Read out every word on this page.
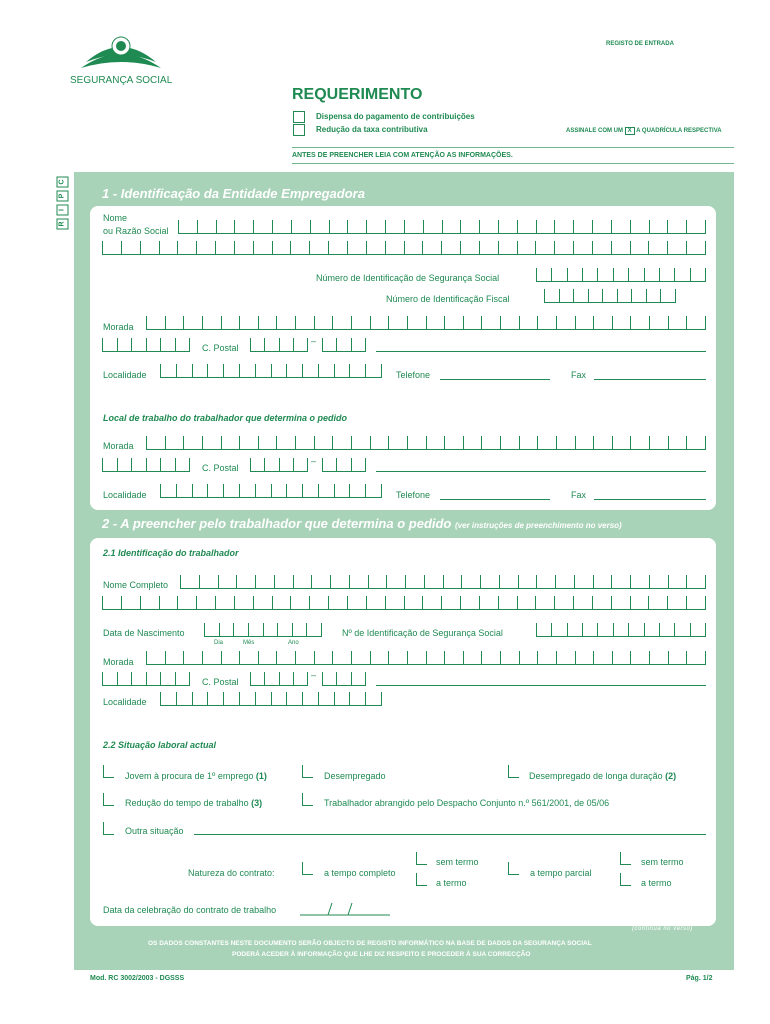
SEGURANÇA SOCIAL
REGISTO DE ENTRADA
REQUERIMENTO
Dispensa do pagamento de contribuições
Redução da taxa contributiva	ASSINALE COM UM X A QUADRÍCULA RESPECTIVA
ANTES DE PREENCHER LEIA COM ATENÇÃO AS INFORMAÇÕES.
C
P
I
R
1 - Identificação da Entidade Empregadora
Nome
ou Razão Social
Número de Identificação de Segurança Social
Número de Identificação Fiscal
Morada
C. Postal
–
Localidade	Telefone	Fax
Local de trabalho do trabalhador que determina o pedido
Morada
C. Postal
–
Localidade	Telefone	Fax
2 - A preencher pelo trabalhador que determina o pedido (ver instruções de preenchimento no verso)
2.1 Identificação do trabalhador
Nome Completo
Data de Nascimento
Dia	Mês	Ano
Nº de Identificação de Segurança Social
Morada
C. Postal
–
Localidade
2.2 Situação laboral actual
Jovem à procura de 1º emprego (1)	Desempregado	Desempregado de longa duração (2)
Redução do tempo de trabalho (3)	Trabalhador abrangido pelo Despacho Conjunto n.º 561/2001, de 05/06
Outra situação
Natureza do contrato:	a tempo completo
sem termo
a termo
a tempo parcial
sem termo
a termo
Data da celebração do contrato de trabalho
(continua no verso)
OS DADOS CONSTANTES NESTE DOCUMENTO SERÃO OBJECTO DE REGISTO INFORMÁTICO NA BASE DE DADOS DA SEGURANÇA SOCIAL
PODERÁ ACEDER À INFORMAÇÃO QUE LHE DIZ RESPEITO E PROCEDER À SUA CORRECÇÃO
Mod. RC 3002/2003 - DGSSS	Pág. 1/2
